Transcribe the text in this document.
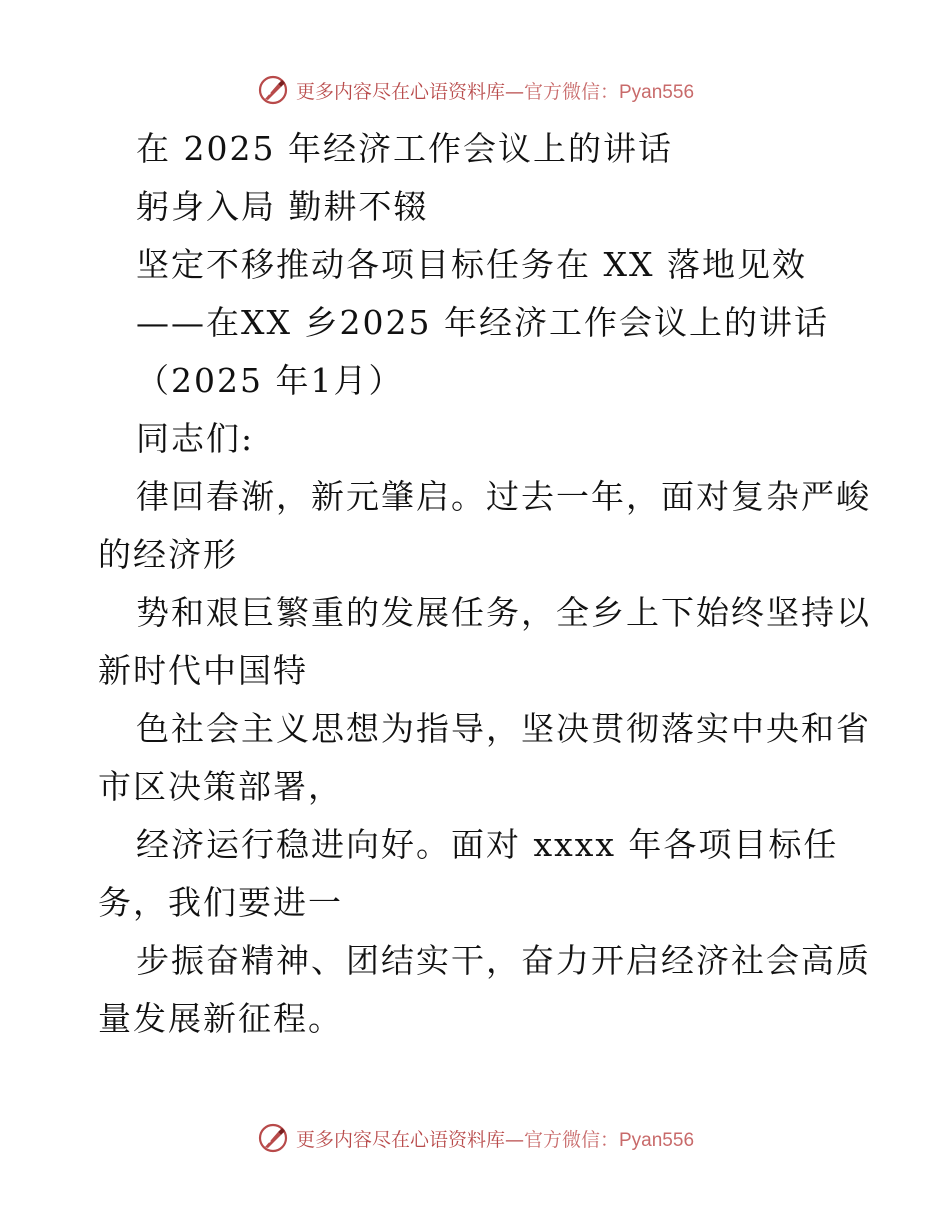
更多内容尽在心语资料库—官方微信：Pyan556
在 2025 年经济工作会议上的讲话
躬身入局 勤耕不辍
坚定不移推动各项目标任务在 XX 落地见效
——在XX 乡2025 年经济工作会议上的讲话
（2025 年1月）
同志们:
律回春渐，新元肇启。过去一年，面对复杂严峻
的经济形
势和艰巨繁重的发展任务，全乡上下始终坚持以
新时代中国特
色社会主义思想为指导，坚决贯彻落实中央和省
市区决策部署，
经济运行稳进向好。面对 xxxx 年各项目标任
务，我们要进一
步振奋精神、团结实干，奋力开启经济社会高质
量发展新征程。
更多内容尽在心语资料库—官方微信：Pyan556
